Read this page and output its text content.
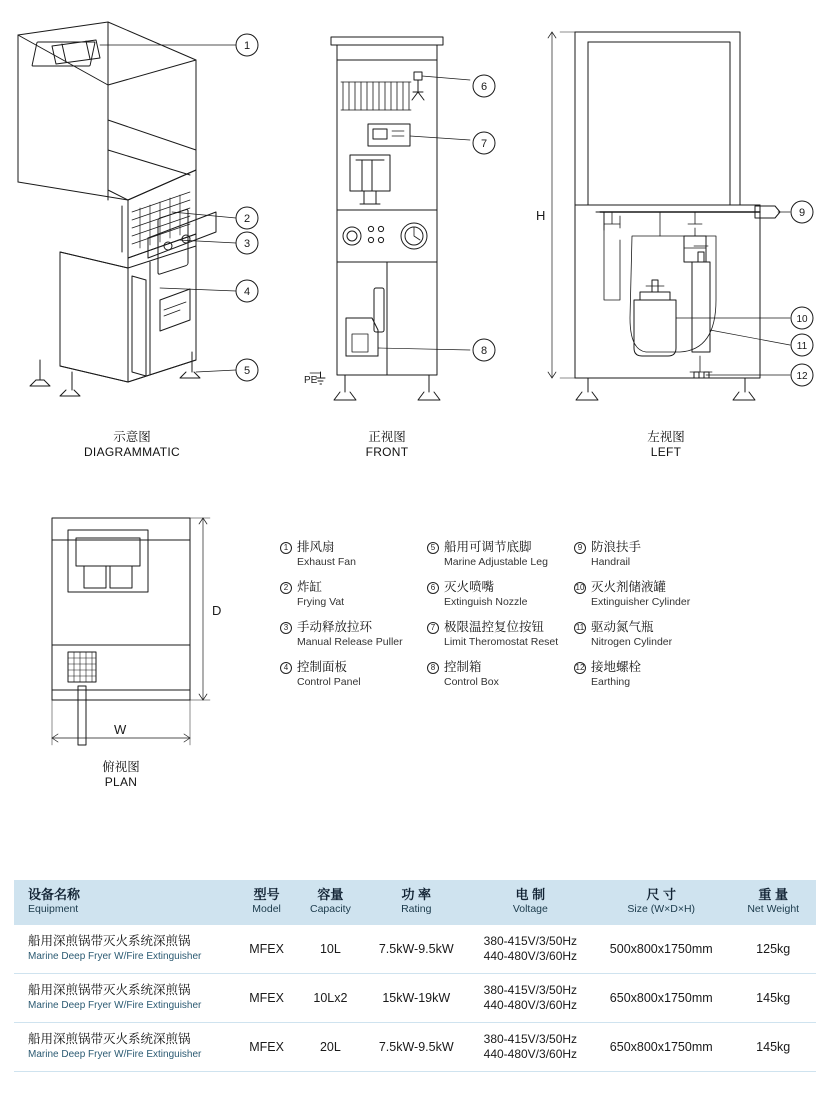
1
2
3
4
5
6
7
8
9
10
11
12
H
D
W
PE
示意图
DIAGRAMMATIC
正视图
FRONT
左视图
LEFT
俯视图
PLAN
1 排风扇
Exhaust Fan
5 船用可调节底脚
Marine Adjustable Leg
9 防浪扶手
Handrail
2 炸缸
Frying Vat
6 灭火喷嘴
Extinguish Nozzle
10 灭火剂储液罐
Extinguisher Cylinder
3 手动释放拉环
Manual Release Puller
7 极限温控复位按钮
Limit Theromostat Reset
11 驱动氮气瓶
Nitrogen Cylinder
4 控制面板
Control Panel
8 控制箱
Control Box
12 接地螺栓
Earthing
设备名称
Equipment	型号
Model	容量
Capacity	功 率
Rating	电 制
Voltage	尺 寸
Size (W×D×H)	重 量
Net Weight

船用深煎锅带灭火系统深煎锅
Marine Deep Fryer W/Fire Extinguisher	MFEX	10L	7.5kW-9.5kW	380-415V/3/50Hz
440-480V/3/60Hz	500x800x1750mm	125kg

船用深煎锅带灭火系统深煎锅
Marine Deep Fryer W/Fire Extinguisher	MFEX	10Lx2	15kW-19kW	380-415V/3/50Hz
440-480V/3/60Hz	650x800x1750mm	145kg

船用深煎锅带灭火系统深煎锅
Marine Deep Fryer W/Fire Extinguisher	MFEX	20L	7.5kW-9.5kW	380-415V/3/50Hz
440-480V/3/60Hz	650x800x1750mm	145kg
